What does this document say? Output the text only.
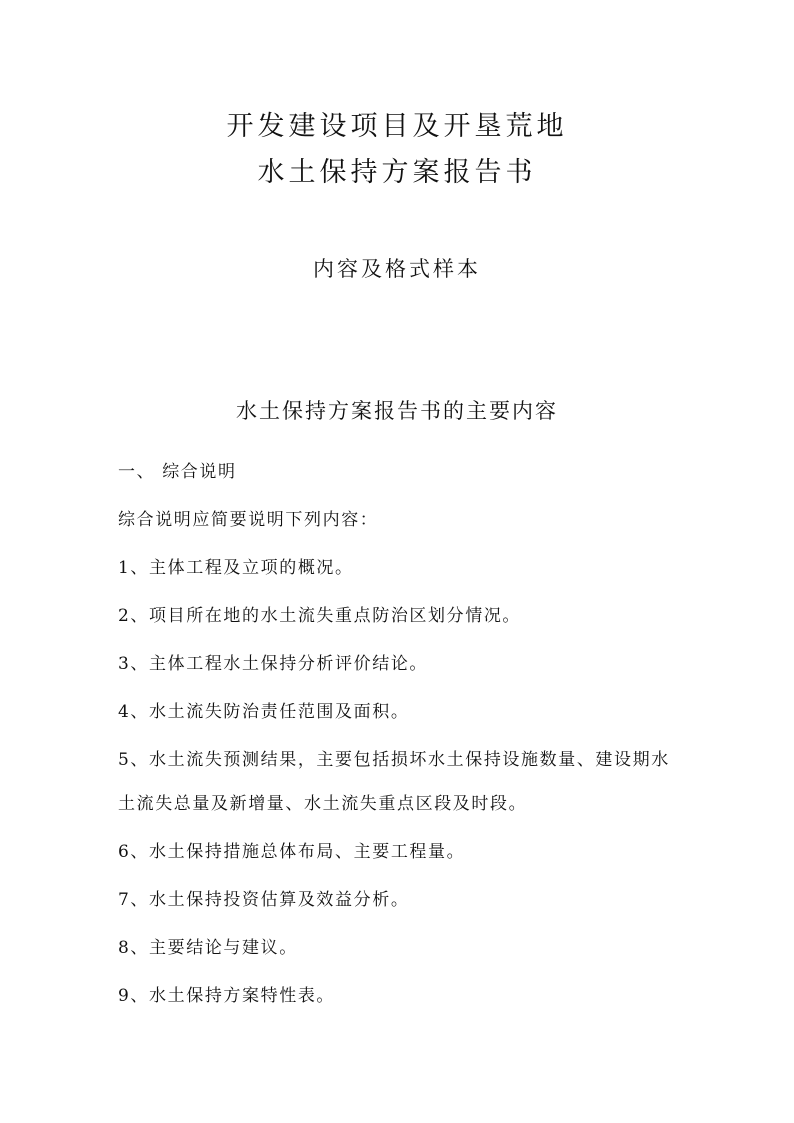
开发建设项目及开垦荒地
水土保持方案报告书
内容及格式样本
水土保持方案报告书的主要内容

一、 综合说明

综合说明应简要说明下列内容：

1、主体工程及立项的概况。

2、项目所在地的水土流失重点防治区划分情况。

3、主体工程水土保持分析评价结论。

4、水土流失防治责任范围及面积。

5、水土流失预测结果，主要包括损坏水土保持设施数量、建设期水土流失总量及新增量、水土流失重点区段及时段。

6、水土保持措施总体布局、主要工程量。

7、水土保持投资估算及效益分析。

8、主要结论与建议。

9、水土保持方案特性表。
